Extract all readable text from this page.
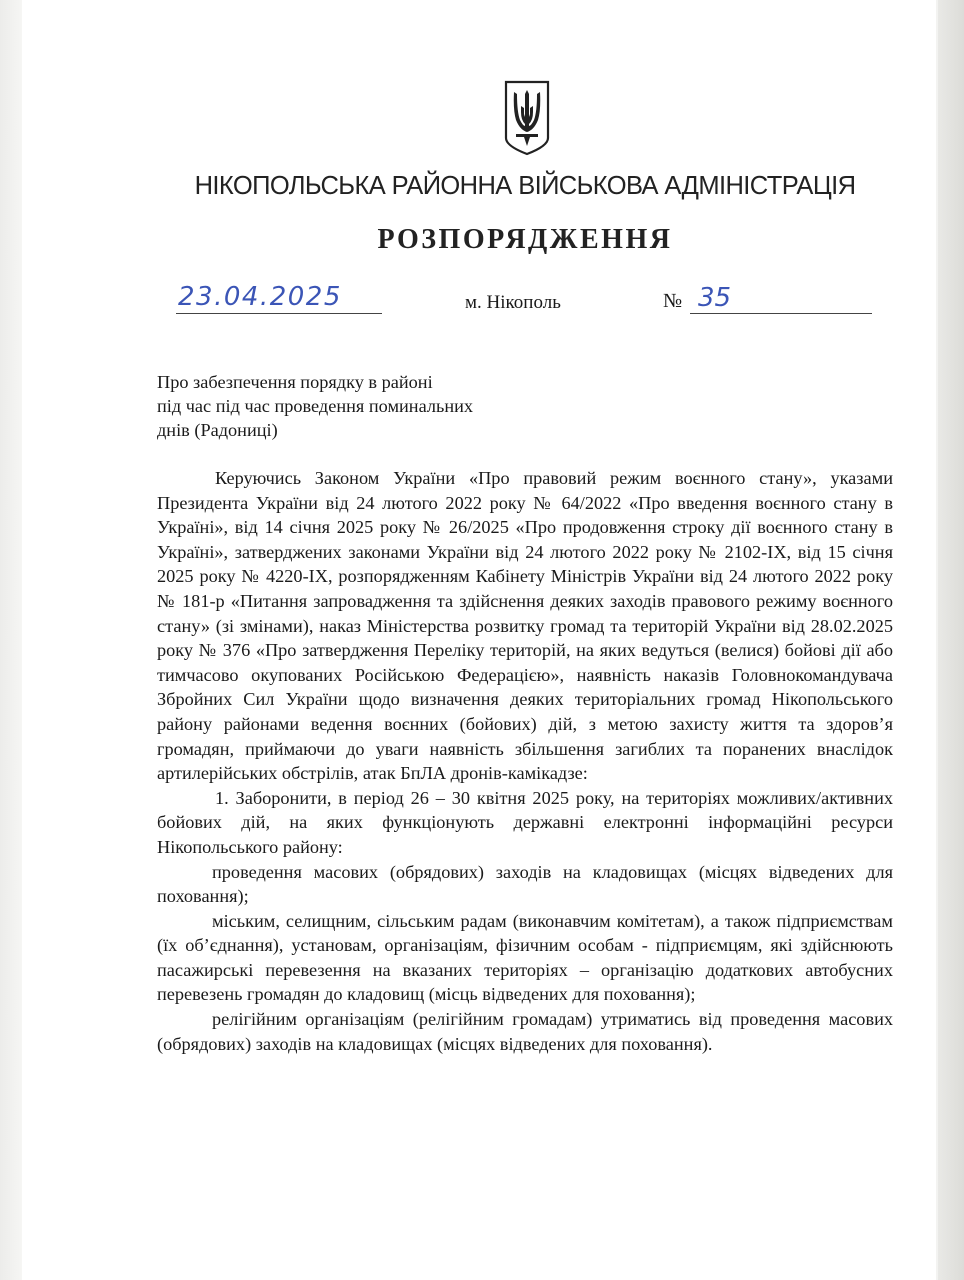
НІКОПОЛЬСЬКА РАЙОННА ВІЙСЬКОВА АДМІНІСТРАЦІЯ
РОЗПОРЯДЖЕННЯ
23.04.2025	м. Нікополь	№ 35
Про забезпечення порядку в районі
під час під час проведення поминальних
днів (Радониці)

Керуючись Законом України «Про правовий режим воєнного стану», указами Президента України від 24 лютого 2022 року № 64/2022 «Про введення воєнного стану в Україні», від 14 січня 2025 року № 26/2025 «Про продовження строку дії воєнного стану в Україні», затверджених законами України від 24 лютого 2022 року № 2102-IX, від 15 січня 2025 року № 4220-IX, розпорядженням Кабінету Міністрів України від 24 лютого 2022 року № 181-р «Питання запровадження та здійснення деяких заходів правового режиму воєнного стану» (зі змінами), наказ Міністерства розвитку громад та територій України від 28.02.2025 року № 376 «Про затвердження Переліку територій, на яких ведуться (велися) бойові дії або тимчасово окупованих Російською Федерацією», наявність наказів Головнокомандувача Збройних Сил України щодо визначення деяких територіальних громад Нікопольського району районами ведення воєнних (бойових) дій, з метою захисту життя та здоров’я громадян, приймаючи до уваги наявність збільшення загиблих та поранених внаслідок артилерійських обстрілів, атак БпЛА дронів-камікадзе:

1. Заборонити, в період 26 – 30 квітня 2025 року, на територіях можливих/активних бойових дій, на яких функціонують державні електронні інформаційні ресурси Нікопольського району:

проведення масових (обрядових) заходів на кладовищах (місцях відведених для поховання);

міським, селищним, сільським радам (виконавчим комітетам), а також підприємствам (їх об’єднання), установам, організаціям, фізичним особам - підприємцям, які здійснюють пасажирські перевезення на вказаних територіях – організацію додаткових автобусних перевезень громадян до кладовищ (місць відведених для поховання);

релігійним організаціям (релігійним громадам) утриматись від проведення масових (обрядових) заходів на кладовищах (місцях відведених для поховання).
